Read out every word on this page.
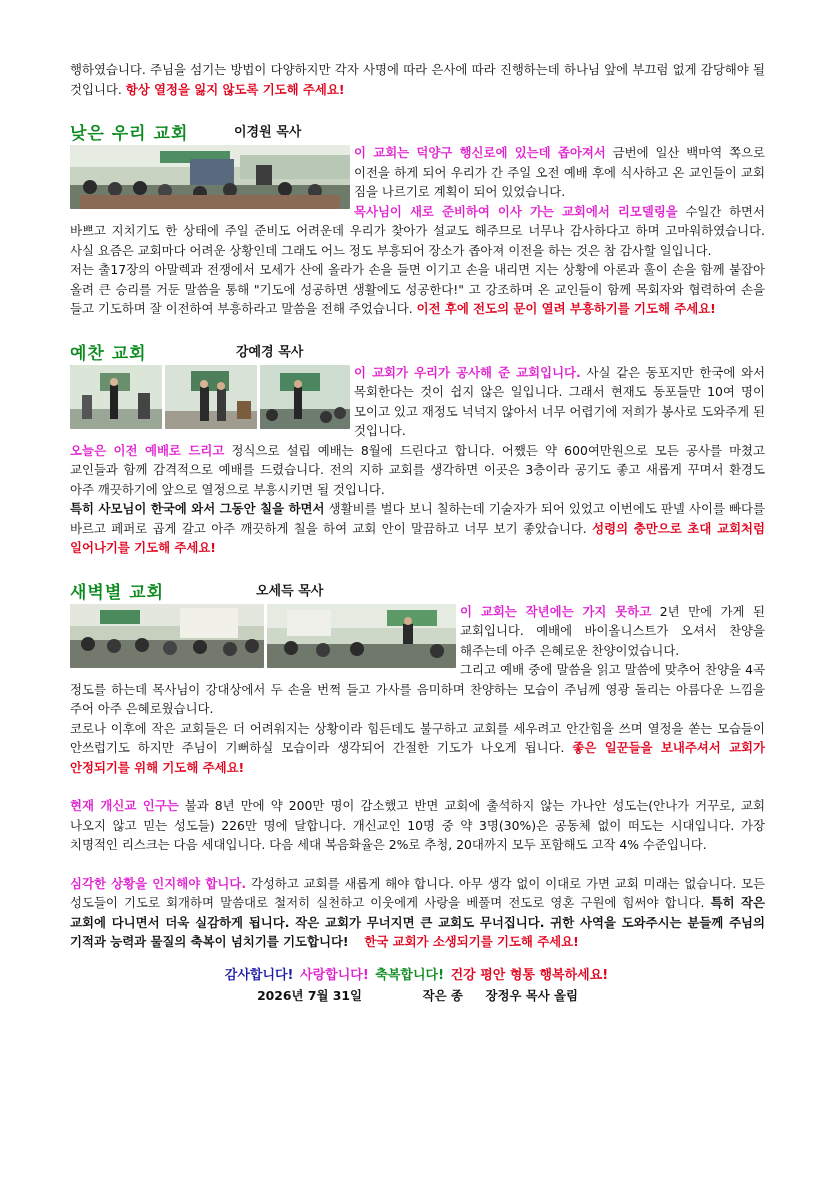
행하였습니다. 주님을 섬기는 방법이 다양하지만 각자 사명에 따라 은사에 따라 진행하는데 하나님 앞에 부끄럼 없게 감당해야 될 것입니다. 항상 열정을 잃지 않도록 기도해 주세요!

낮은 우리 교회	이경원 목사
이 교회는 덕양구 행신로에 있는데 좁아져서 금번에 일산 백마역 쪽으로 이전을 하게 되어 우리가 간 주일 오전 예배 후에 식사하고 온 교인들이 교회 짐을 나르기로 계획이 되어 있었습니다.
목사님이 새로 준비하여 이사 가는 교회에서 리모델링을 수일간 하면서 바쁘고 지치기도 한 상태에 주일 준비도 어려운데 우리가 찾아가 설교도 해주므로 너무나 감사하다고 하며 고마워하였습니다. 사실 요즘은 교회마다 어려운 상황인데 그래도 어느 정도 부흥되어 장소가 좁아져 이전을 하는 것은 참 감사할 일입니다.
저는 출17장의 아말렉과 전쟁에서 모세가 산에 올라가 손을 들면 이기고 손을 내리면 지는 상황에 아론과 훌이 손을 함께 붙잡아 올려 큰 승리를 거둔 말씀을 통해 "기도에 성공하면 생활에도 성공한다!" 고 강조하며 온 교인들이 함께 목회자와 협력하여 손을 들고 기도하며 잘 이전하여 부흥하라고 말씀을 전해 주었습니다. 이전 후에 전도의 문이 열려 부흥하기를 기도해 주세요!
예찬 교회	강예경 목사
이 교회가 우리가 공사해 준 교회입니다. 사실 같은 동포지만 한국에 와서 목회한다는 것이 쉽지 않은 일입니다. 그래서 현재도 동포들만 10여 명이 모이고 있고 재정도 넉넉지 않아서 너무 어렵기에 저희가 봉사로 도와주게 된 것입니다.
오늘은 이전 예배로 드리고 정식으로 설립 예배는 8월에 드린다고 합니다. 어쨌든 약 600여만원으로 모든 공사를 마쳤고 교인들과 함께 감격적으로 예배를 드렸습니다. 전의 지하 교회를 생각하면 이곳은 3층이라 공기도 좋고 새롭게 꾸며서 환경도 아주 깨끗하기에 앞으로 열정으로 부흥시키면 될 것입니다.
특히 사모님이 한국에 와서 그동안 칠을 하면서 생활비를 벌다 보니 칠하는데 기술자가 되어 있었고 이번에도 판넬 사이를 빠다를 바르고 페퍼로 곱게 갈고 아주 깨끗하게 칠을 하여 교회 안이 말끔하고 너무 보기 좋았습니다. 성령의 충만으로 초대 교회처럼 일어나기를 기도해 주세요!
새벽별 교회	오세득 목사
이 교회는 작년에는 가지 못하고 2년 만에 가게 된 교회입니다. 예배에 바이올니스트가 오셔서 찬양을 해주는데 아주 은혜로운 찬양이었습니다.
그리고 예배 중에 말씀을 읽고 말씀에 맞추어 찬양을 4곡 정도를 하는데 목사님이 강대상에서 두 손을 번쩍 들고 가사를 음미하며 찬양하는 모습이 주님께 영광 돌리는 아름다운 느낌을 주어 아주 은혜로웠습니다.
코로나 이후에 작은 교회들은 더 어려워지는 상황이라 힘든데도 불구하고 교회를 세우려고 안간힘을 쓰며 열정을 쏟는 모습들이 안쓰럽기도 하지만 주님이 기뻐하실 모습이라 생각되어 간절한 기도가 나오게 됩니다. 좋은 일꾼들을 보내주셔서 교회가 안정되기를 위해 기도해 주세요!

현재 개신교 인구는 불과 8년 만에 약 200만 명이 감소했고 반면 교회에 출석하지 않는 가나안 성도는(안나가 거꾸로, 교회 나오지 않고 믿는 성도들) 226만 명에 달합니다. 개신교인 10명 중 약 3명(30%)은 공동체 없이 떠도는 시대입니다. 가장 치명적인 리스크는 다음 세대입니다. 다음 세대 복음화율은 2%로 추청, 20대까지 모두 포함해도 고작 4% 수준입니다.

심각한 상황을 인지해야 합니다. 각성하고 교회를 새롭게 해야 합니다. 아무 생각 없이 이대로 가면 교회 미래는 없습니다. 모든 성도들이 기도로 회개하며 말씀대로 철저히 실천하고 이웃에게 사랑을 베풀며 전도로 영혼 구원에 힘써야 합니다. 특히 작은 교회에 다니면서 더욱 실감하게 됩니다. 작은 교회가 무너지면 큰 교회도 무너집니다. 귀한 사역을 도와주시는 분들께 주님의 기적과 능력과 물질의 축복이 넘치기를 기도합니다! 한국 교회가 소생되기를 기도해 주세요!

감사합니다! 사랑합니다! 축복합니다! 건강 평안 형통 행복하세요!
2026년 7월 31일	작은 종 장정우 목사 올림
